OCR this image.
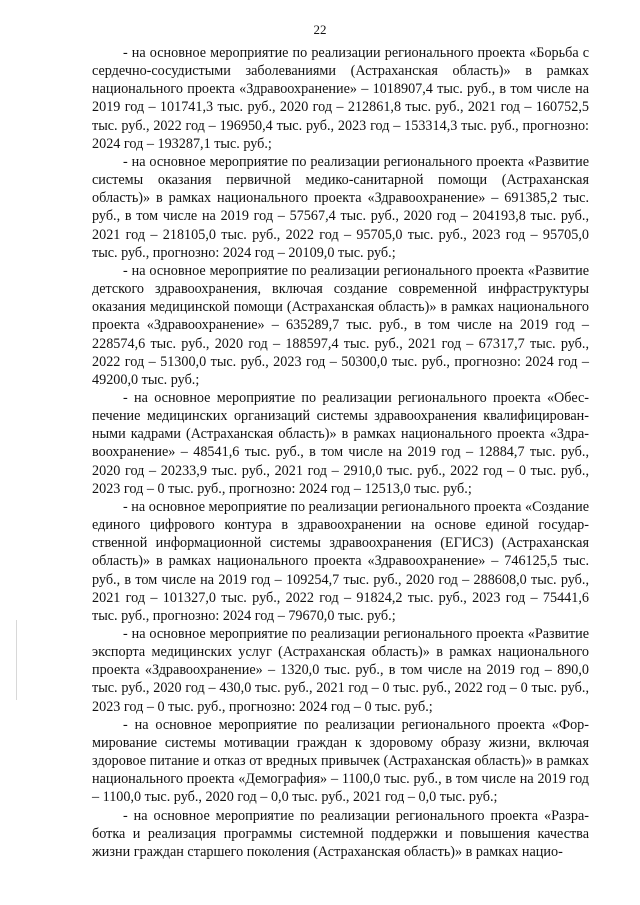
22

- на основное мероприятие по реализации регионального проекта «Борьба с сердечно-сосудистыми заболеваниями (Астраханская область)» в рамках национального проекта «Здравоохранение» – 1018907,4 тыс. руб., в том числе на 2019 год – 101741,3 тыс. руб., 2020 год – 212861,8 тыс. руб., 2021 год – 160752,5 тыс. руб., 2022 год – 196950,4 тыс. руб., 2023 год – 153314,3 тыс. руб., прогнозно: 2024 год – 193287,1 тыс. руб.;

- на основное мероприятие по реализации регионального проекта «Развитие системы оказания первичной медико-санитарной помощи (Астраханская область)» в рамках национального проекта «Здравоохранение» – 691385,2 тыс. руб., в том числе на 2019 год – 57567,4 тыс. руб., 2020 год – 204193,8 тыс. руб., 2021 год – 218105,0 тыс. руб., 2022 год – 95705,0 тыс. руб., 2023 год – 95705,0 тыс. руб., прогнозно: 2024 год – 20109,0 тыс. руб.;

- на основное мероприятие по реализации регионального проекта «Развитие детского здравоохранения, включая создание современной инфраструктуры оказания медицинской помощи (Астраханская область)» в рамках национального проекта «Здравоохранение» – 635289,7 тыс. руб., в том числе на 2019 год – 228574,6 тыс. руб., 2020 год – 188597,4 тыс. руб., 2021 год – 67317,7 тыс. руб., 2022 год – 51300,0 тыс. руб., 2023 год – 50300,0 тыс. руб., прогнозно: 2024 год – 49200,0 тыс. руб.;

- на основное мероприятие по реализации регионального проекта «Обеспечение медицинских организаций системы здравоохранения квалифицированными кадрами (Астраханская область)» в рамках национального проекта «Здравоохранение» – 48541,6 тыс. руб., в том числе на 2019 год – 12884,7 тыс. руб., 2020 год – 20233,9 тыс. руб., 2021 год – 2910,0 тыс. руб., 2022 год – 0 тыс. руб., 2023 год – 0 тыс. руб., прогнозно: 2024 год – 12513,0 тыс. руб.;

- на основное мероприятие по реализации регионального проекта «Создание единого цифрового контура в здравоохранении на основе единой государственной информационной системы здравоохранения (ЕГИСЗ) (Астраханская область)» в рамках национального проекта «Здравоохранение» – 746125,5 тыс. руб., в том числе на 2019 год – 109254,7 тыс. руб., 2020 год – 288608,0 тыс. руб., 2021 год – 101327,0 тыс. руб., 2022 год – 91824,2 тыс. руб., 2023 год – 75441,6 тыс. руб., прогнозно: 2024 год – 79670,0 тыс. руб.;

- на основное мероприятие по реализации регионального проекта «Развитие экспорта медицинских услуг (Астраханская область)» в рамках национального проекта «Здравоохранение» – 1320,0 тыс. руб., в том числе на 2019 год – 890,0 тыс. руб., 2020 год – 430,0 тыс. руб., 2021 год – 0 тыс. руб., 2022 год – 0 тыс. руб., 2023 год – 0 тыс. руб., прогнозно: 2024 год – 0 тыс. руб.;

- на основное мероприятие по реализации регионального проекта «Формирование системы мотивации граждан к здоровому образу жизни, включая здоровое питание и отказ от вредных привычек (Астраханская область)» в рамках национального проекта «Демография» – 1100,0 тыс. руб., в том числе на 2019 год – 1100,0 тыс. руб., 2020 год – 0,0 тыс. руб., 2021 год – 0,0 тыс. руб.;

- на основное мероприятие по реализации регионального проекта «Разработка и реализация программы системной поддержки и повышения качества жизни граждан старшего поколения (Астраханская область)» в рамках нацио-
